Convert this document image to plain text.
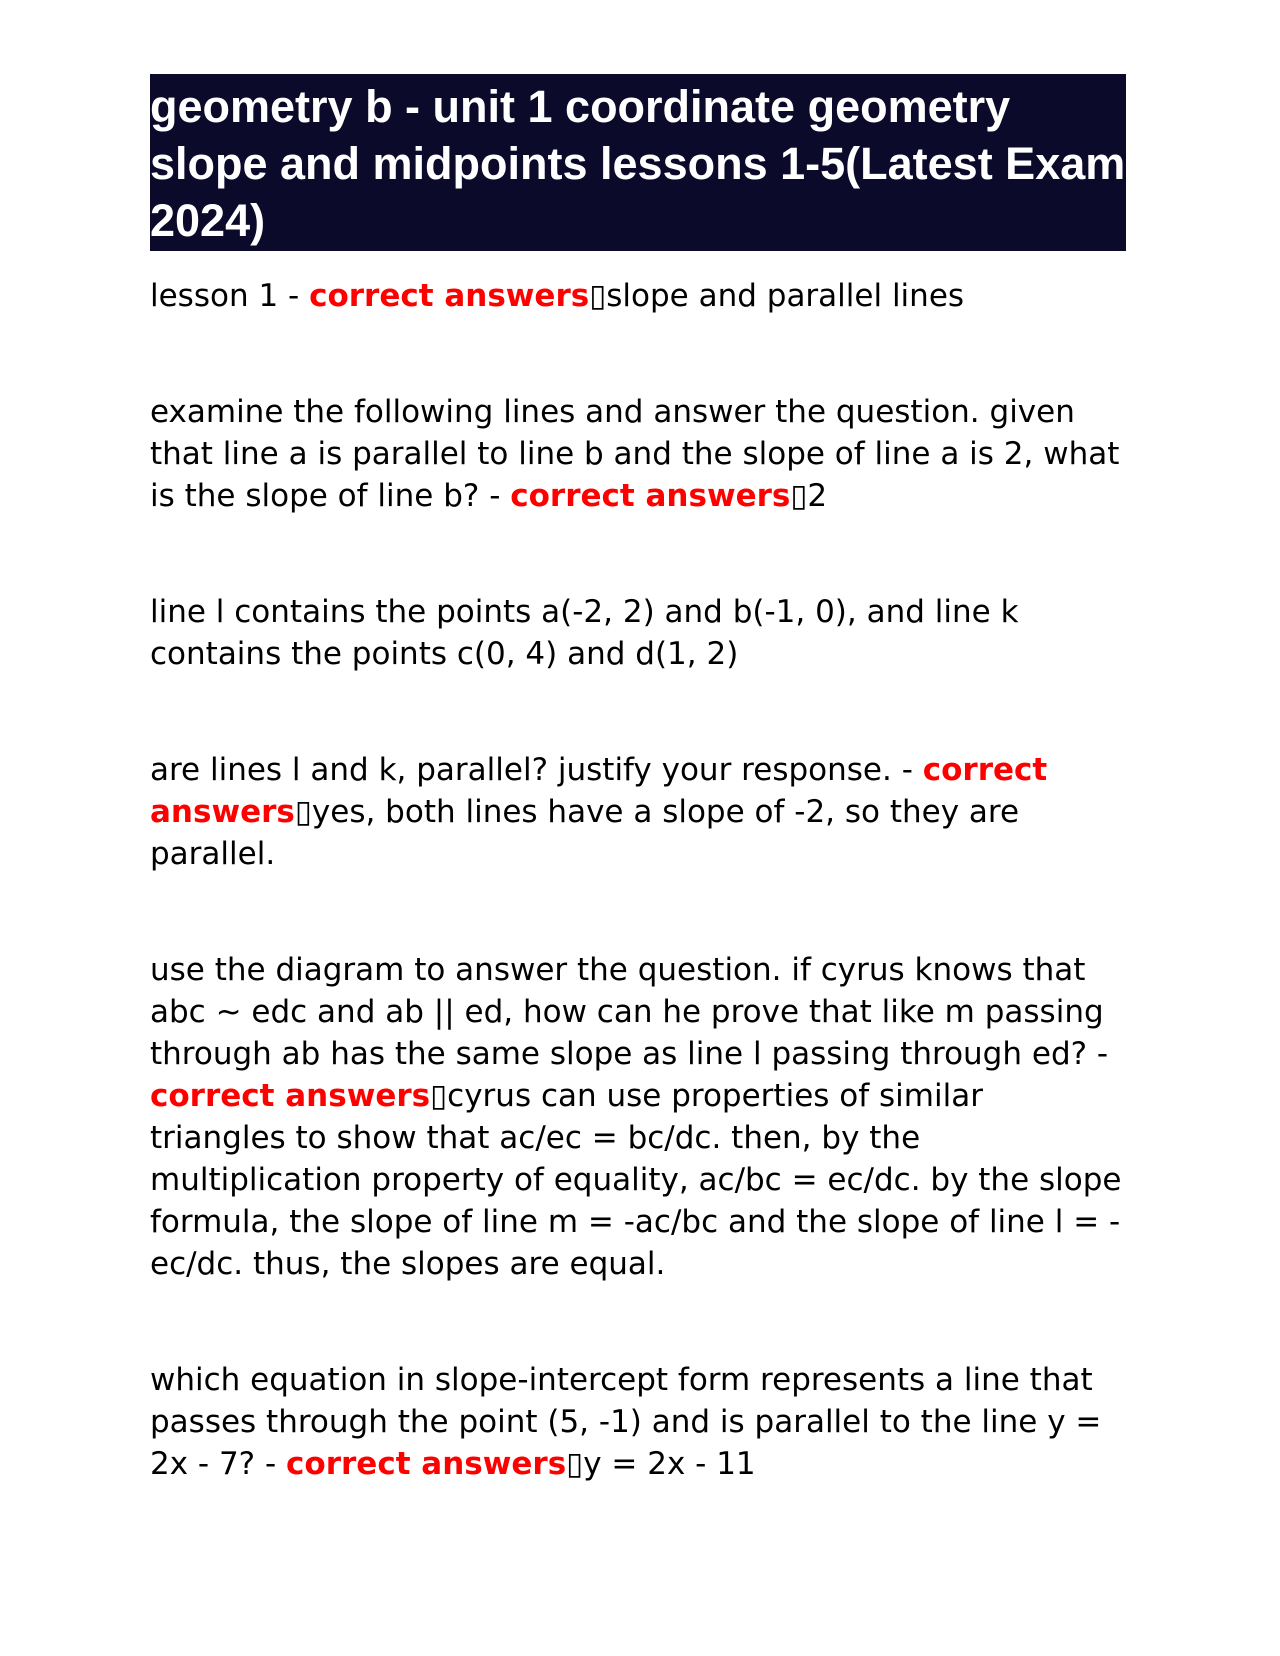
geometry b - unit 1 coordinate geometry slope and midpoints lessons 1-5(Latest Exam 2024)

lesson 1 - correct answers▯slope and parallel lines

examine the following lines and answer the question. given that line a is parallel to line b and the slope of line a is 2, what is the slope of line b? - correct answers▯2

line l contains the points a(-2, 2) and b(-1, 0), and line k contains the points c(0, 4) and d(1, 2)

are lines l and k, parallel? justify your response. - correct answers▯yes, both lines have a slope of -2, so they are parallel.

use the diagram to answer the question. if cyrus knows that abc ~ edc and ab || ed, how can he prove that like m passing through ab has the same slope as line l passing through ed? - correct answers▯cyrus can use properties of similar triangles to show that ac/ec = bc/dc. then, by the multiplication property of equality, ac/bc = ec/dc. by the slope formula, the slope of line m = -ac/bc and the slope of line l = -ec/dc. thus, the slopes are equal.

which equation in slope-intercept form represents a line that passes through the point (5, -1) and is parallel to the line y = 2x - 7? - correct answers▯y = 2x - 11
